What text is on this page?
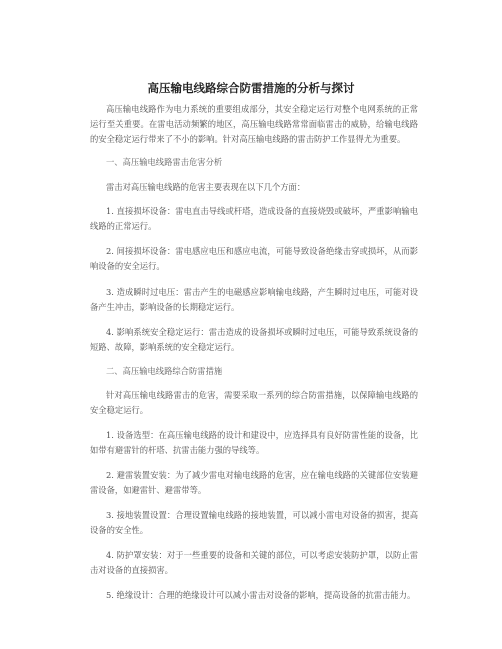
高压输电线路综合防雷措施的分析与探讨

高压输电线路作为电力系统的重要组成部分，其安全稳定运行对整个电网系统的正常运行至关重要。在雷电活动频繁的地区，高压输电线路常常面临雷击的威胁，给输电线路的安全稳定运行带来了不小的影响。针对高压输电线路的雷击防护工作显得尤为重要。

一、高压输电线路雷击危害分析

雷击对高压输电线路的危害主要表现在以下几个方面：

1. 直接损坏设备：雷电直击导线或杆塔，造成设备的直接烧毁或破坏，严重影响输电线路的正常运行。

2. 间接损坏设备：雷电感应电压和感应电流，可能导致设备绝缘击穿或损坏，从而影响设备的安全运行。

3. 造成瞬时过电压：雷击产生的电磁感应影响输电线路，产生瞬时过电压，可能对设备产生冲击，影响设备的长期稳定运行。

4. 影响系统安全稳定运行：雷击造成的设备损坏或瞬时过电压，可能导致系统设备的短路、故障，影响系统的安全稳定运行。

二、高压输电线路综合防雷措施

针对高压输电线路雷击的危害，需要采取一系列的综合防雷措施，以保障输电线路的安全稳定运行。

1. 设备选型：在高压输电线路的设计和建设中，应选择具有良好防雷性能的设备，比如带有避雷针的杆塔、抗雷击能力强的导线等。

2. 避雷装置安装：为了减少雷电对输电线路的危害，应在输电线路的关键部位安装避雷设备，如避雷针、避雷带等。

3. 接地装置设置：合理设置输电线路的接地装置，可以减小雷电对设备的损害，提高设备的安全性。

4. 防护罩安装：对于一些重要的设备和关键的部位，可以考虑安装防护罩，以防止雷击对设备的直接损害。

5. 绝缘设计：合理的绝缘设计可以减小雷击对设备的影响，提高设备的抗雷击能力。
